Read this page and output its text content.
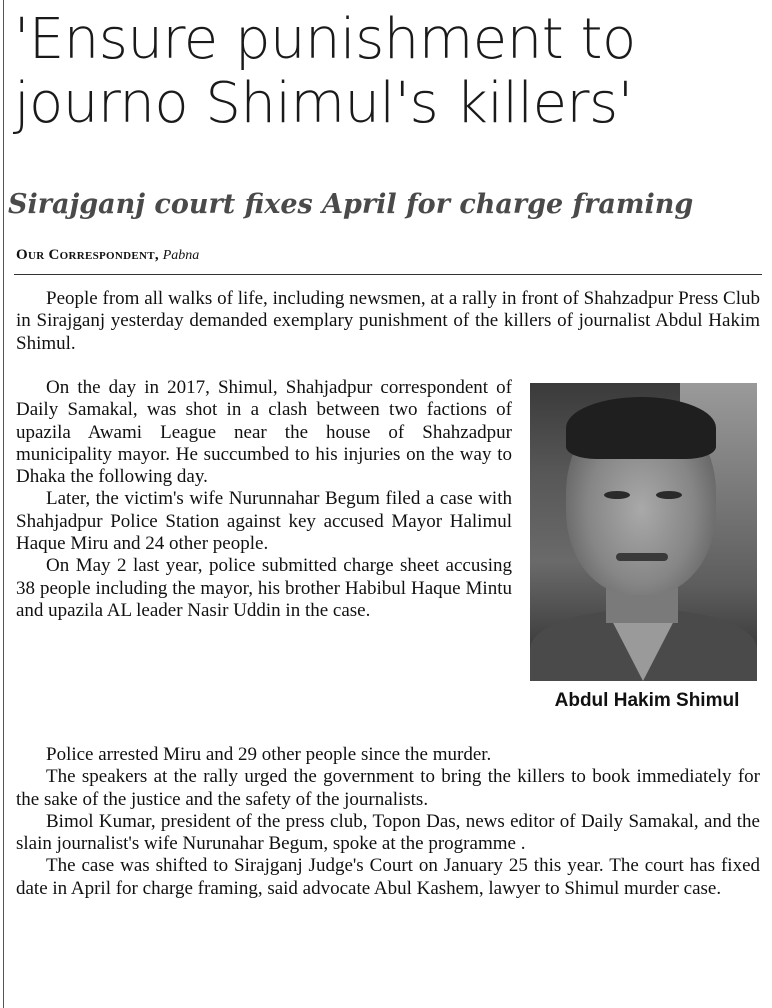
'Ensure punishment to
journo Shimul's killers'
Sirajganj court fixes April for charge framing
Our Correspondent, Pabna

People from all walks of life, including newsmen, at a rally in front of Shahzadpur Press Club in Sirajganj yesterday demanded exemplary punishment of the killers of journalist Abdul Hakim Shimul.

On the day in 2017, Shimul, Shahjadpur correspondent of Daily Samakal, was shot in a clash between two factions of upazila Awami League near the house of Shahzadpur municipality mayor. He succumbed to his injuries on the way to Dhaka the following day.

Later, the victim's wife Nurunnahar Begum filed a case with Shahjadpur Police Station against key accused Mayor Halimul Haque Miru and 24 other people.

On May 2 last year, police submitted charge sheet accusing 38 people including the mayor, his brother Habibul Haque Mintu and upazila AL leader Nasir Uddin in the case.

Abdul Hakim Shimul

Police arrested Miru and 29 other people since the murder.

The speakers at the rally urged the government to bring the killers to book immediately for the sake of the justice and the safety of the journalists.

Bimol Kumar, president of the press club, Topon Das, news editor of Daily Samakal, and the slain journalist's wife Nurunahar Begum, spoke at the programme .

The case was shifted to Sirajganj Judge's Court on January 25 this year. The court has fixed date in April for charge framing, said advocate Abul Kashem, lawyer to Shimul murder case.
